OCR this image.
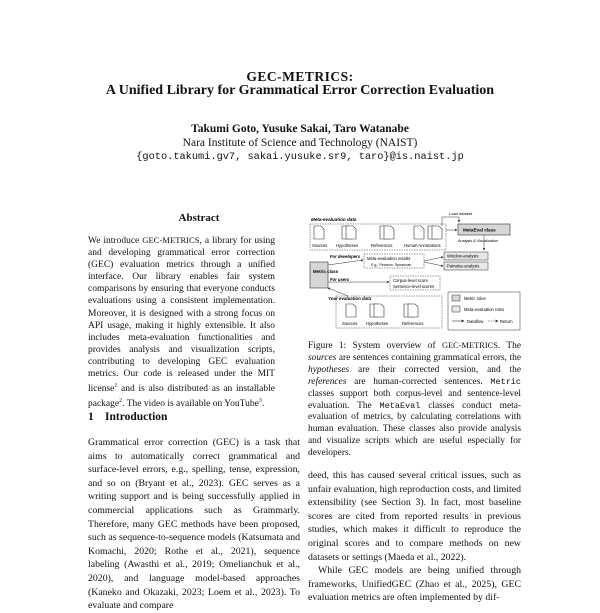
GEC-METRICS:
A Unified Library for Grammatical Error Correction Evaluation
Takumi Goto, Yusuke Sakai, Taro Watanabe
Nara Institute of Science and Technology (NAIST)
{goto.takumi.gv7, sakai.yusuke.sr9, taro}@is.naist.jp
Abstract
We introduce GEC-METRICS, a library for using and developing grammatical error correction (GEC) evaluation metrics through a unified interface. Our library enables fair system comparisons by ensuring that everyone conducts evaluations using a consistent implementation. Moreover, it is designed with a strong focus on API usage, making it highly extensible. It also includes meta-evaluation functionalities and provides analysis and visualization scripts, contributing to developing GEC evaluation metrics. Our code is released under the MIT license$^1$ and is also distributed as an installable package$^2$. The video is available on YouTube$^3$.
1 Introduction
Grammatical error correction (GEC) is a task that aims to automatically correct grammatical and surface-level errors, e.g., spelling, tense, expression, and so on (Bryant et al., 2023). GEC serves as a writing support and is being successfully applied in commercial applications such as Grammarly. Therefore, many GEC methods have been proposed, such as sequence-to-sequence models (Katsumata and Komachi, 2020; Rothe et al., 2021), sequence labeling (Awasthi et al., 2019; Omelianchuk et al., 2020), and language model-based approaches (Kaneko and Okazaki, 2023; Loem et al., 2023). To evaluate and compare

deed, this has caused several critical issues, such as unfair evaluation, high reproduction costs, and limited extensibility (see Section 3). In fact, most baseline scores are cited from reported results in previous studies, which makes it difficult to reproduce the original scores and to compare methods on new datasets or settings (Maeda et al., 2022).

While GEC models are being unified through frameworks, UnifiedGEC (Zhao et al., 2025), GEC evaluation metrics are often implemented by dif-

Meta-evaluation data
Load dataset
Sources Hypotheses	References	Human Annotations
MetaEval class
Analysis & Visualization
For developers Meta-evaluation results
E.g., Pearson, Spearman
Window-analysis
Pairwise-analysis
Metric class
For users	Corpus-level score
Sentence-level scores
Your evaluation data
Sources Hypotheses	References
Metric roles
Meta-evaluation roles
Dataflow	Return
Figure 1: System overview of GEC-METRICS. The sources are sentences containing grammatical errors, the hypotheses are their corrected version, and the references are human-corrected sentences. Metric classes support both corpus-level and sentence-level evaluation. The MetaEval classes conduct meta-evaluation of metrics, by calculating correlations with human evaluation. These classes also provide analysis and visualize scripts which are useful especially for developers.
